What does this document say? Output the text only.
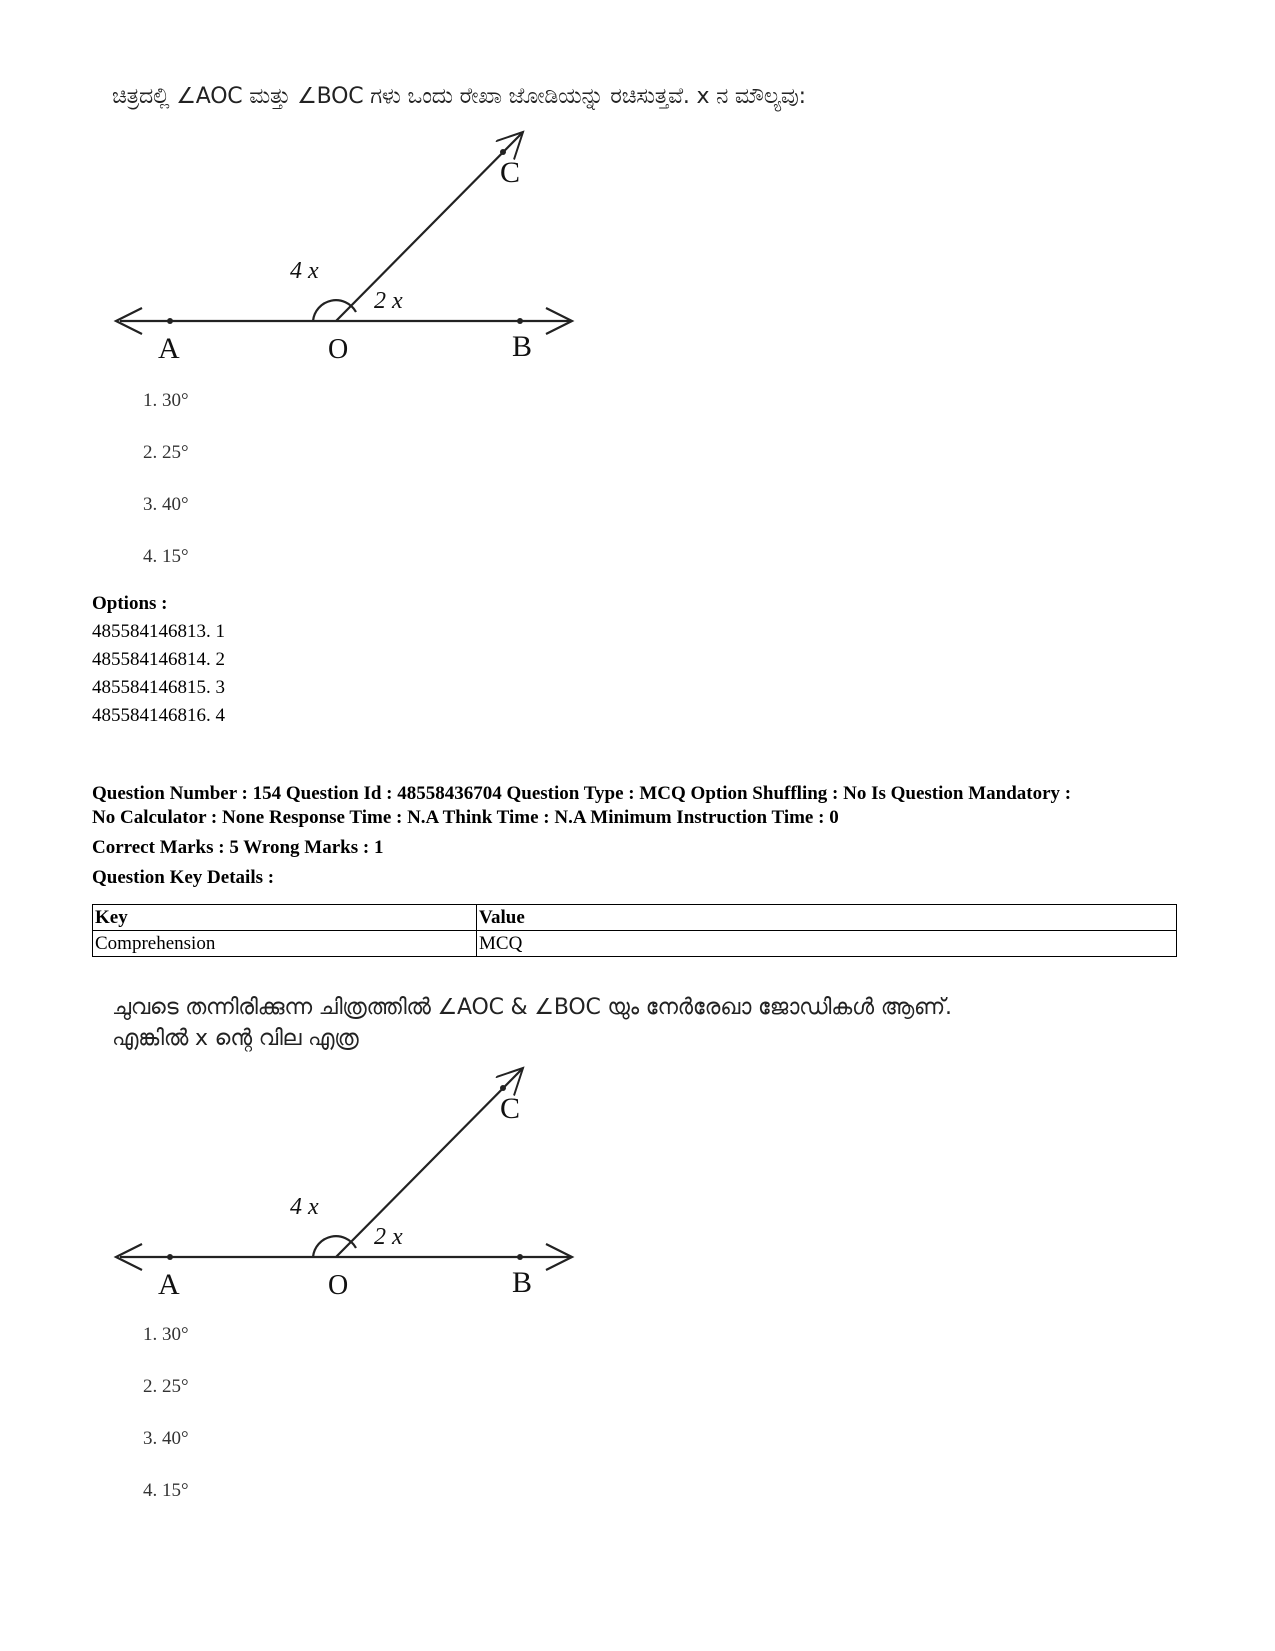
ಚಿತ್ರದಲ್ಲಿ ∠AOC ಮತ್ತು ∠BOC ಗಳು ಒಂದು ರೇಖಾ ಜೋಡಿಯನ್ನು ರಚಿಸುತ್ತವೆ. x ನ ಮೌಲ್ಯವು:
C
A	O	B
4 x
2 x
1. 30°
2. 25°
3. 40°
4. 15°
Options :
485584146813. 1
485584146814. 2
485584146815. 3
485584146816. 4
Question Number : 154 Question Id : 48558436704 Question Type : MCQ Option Shuffling : No Is Question Mandatory :
No Calculator : None Response Time : N.A Think Time : N.A Minimum Instruction Time : 0
Correct Marks : 5 Wrong Marks : 1
Question Key Details :
Key	Value
Comprehension	MCQ
ചുവടെ തന്നിരിക്കുന്ന ചിത്രത്തിൽ ∠AOC & ∠BOC യും നേർരേഖാ ജോഡികൾ ആണ്.
എങ്കിൽ x ന്റെ വില എത്ര
C
A	O	B
4 x
2 x
1. 30°
2. 25°
3. 40°
4. 15°
